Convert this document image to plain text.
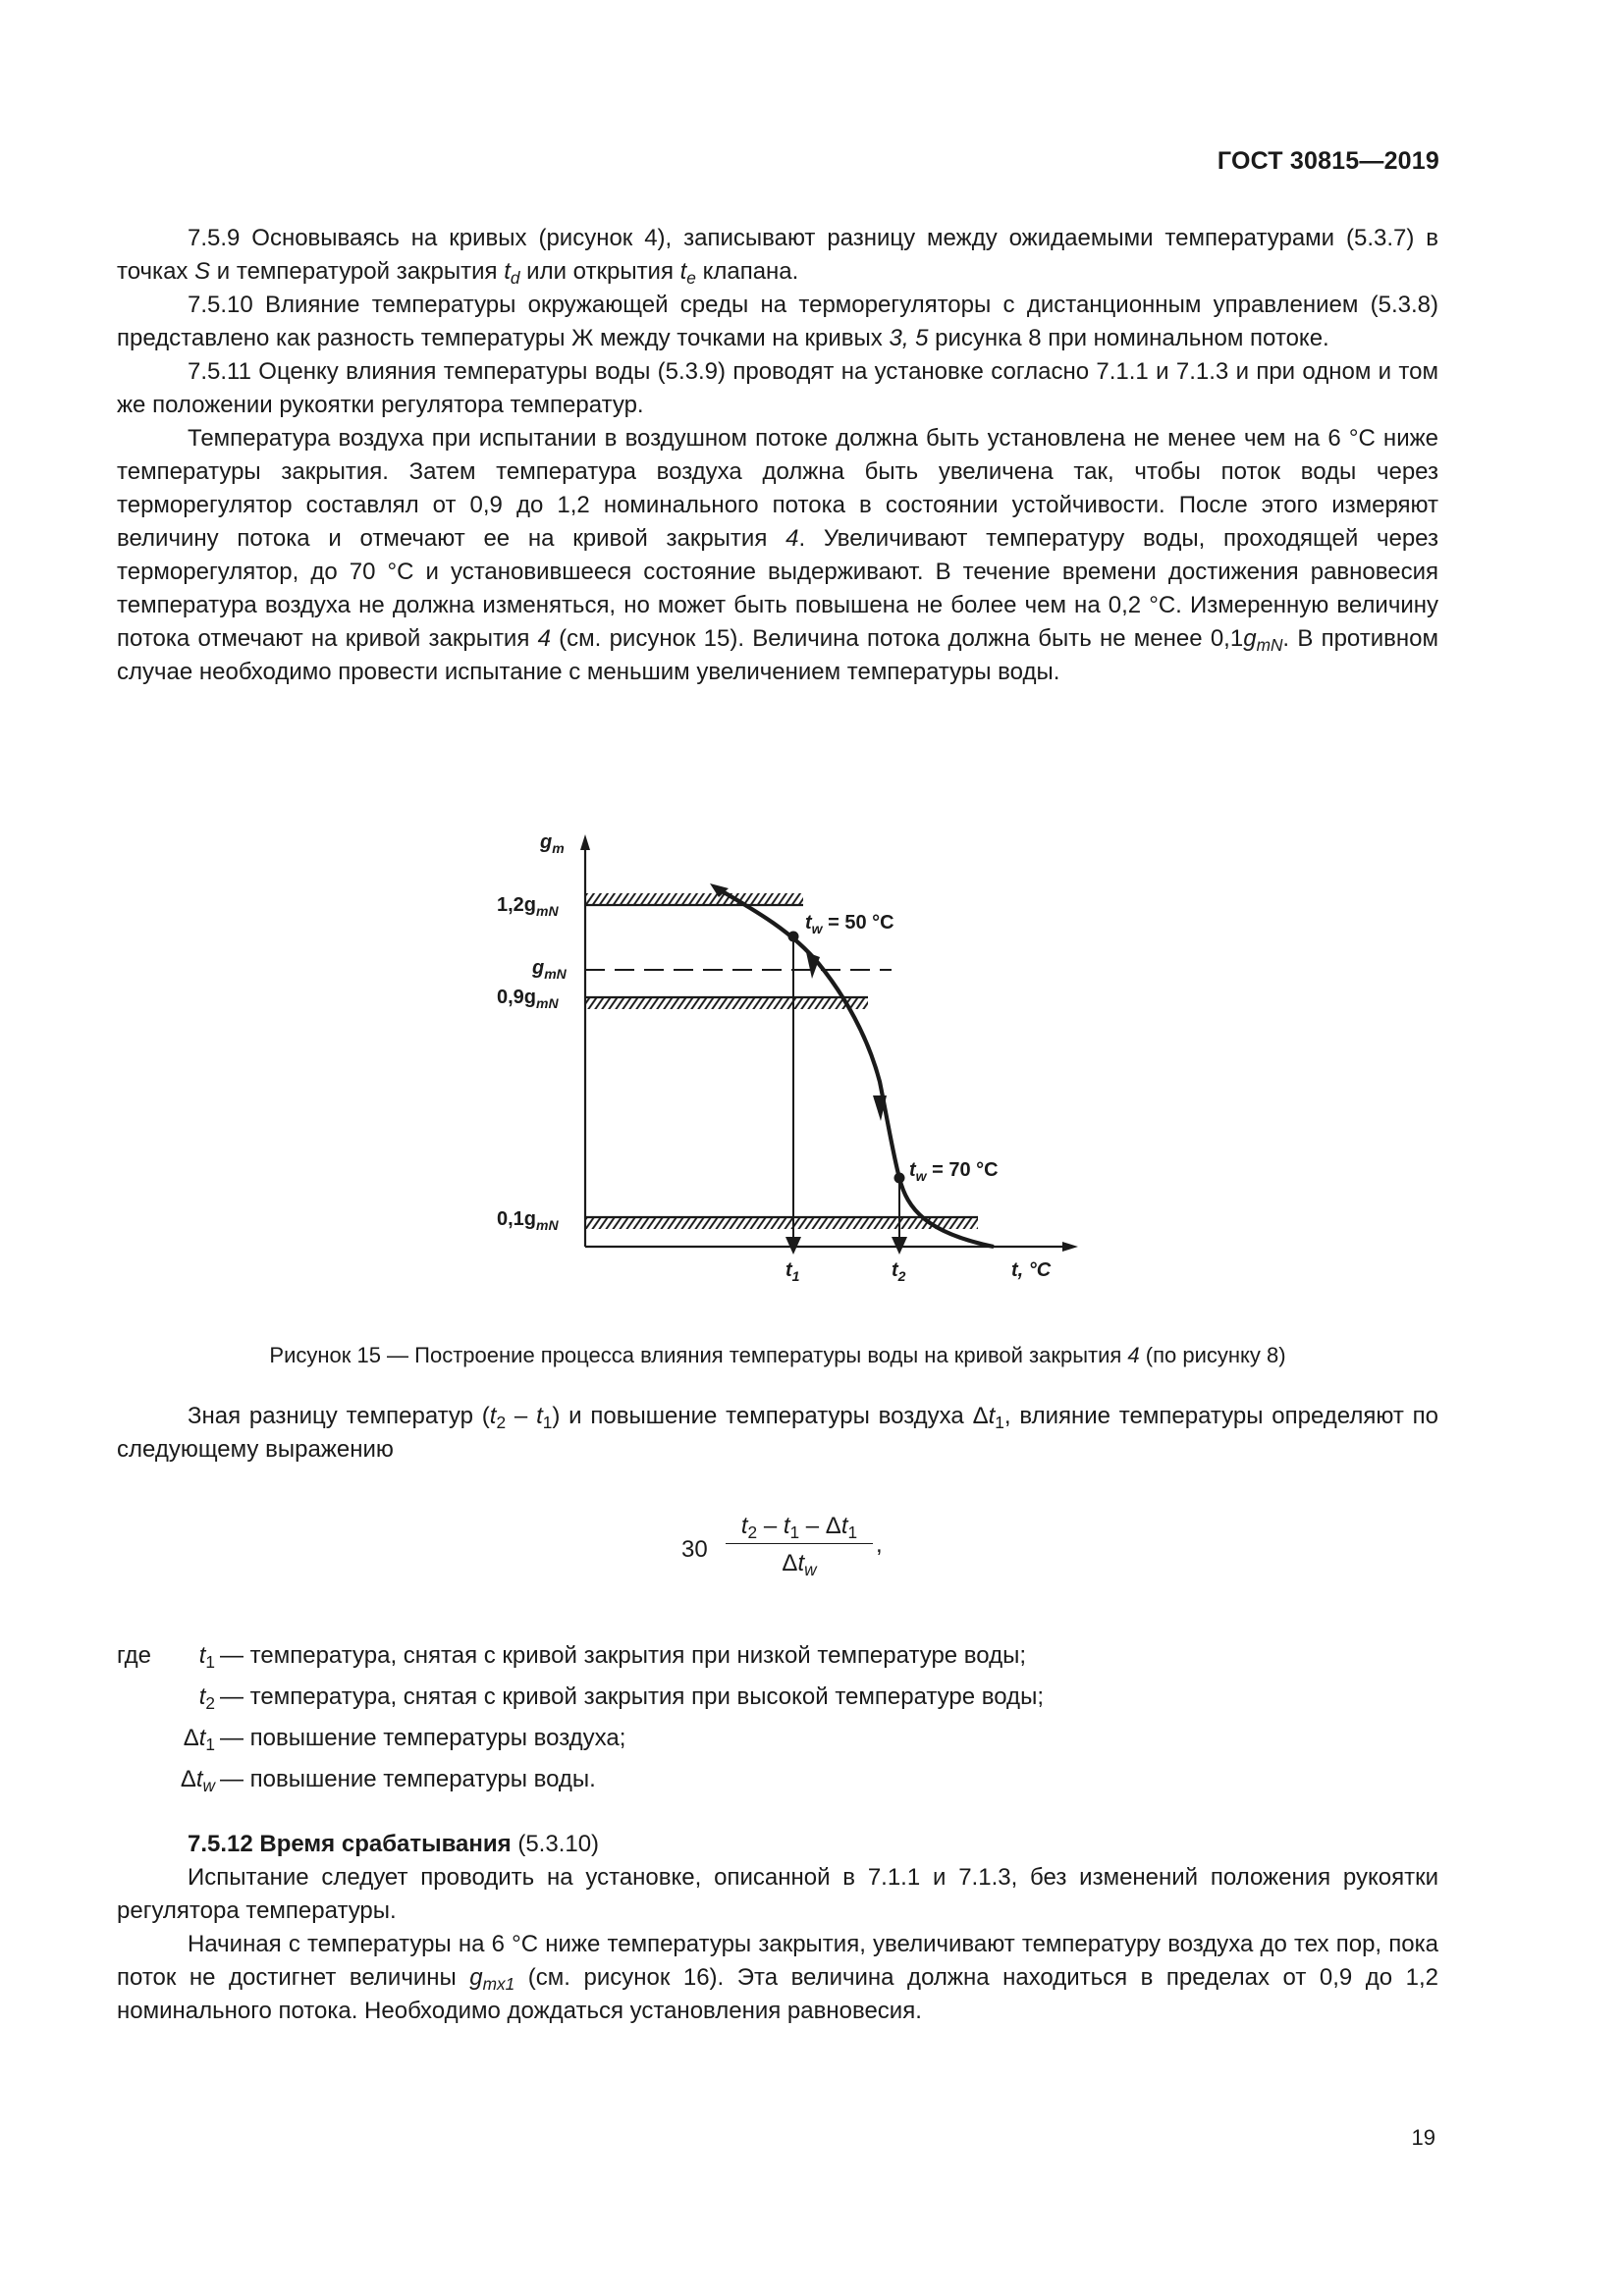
ГОСТ 30815—2019

7.5.9 Основываясь на кривых (рисунок 4), записывают разницу между ожидаемыми температурами (5.3.7) в точках S и температурой закрытия $t_d$ или открытия $t_e$ клапана.

7.5.10 Влияние температуры окружающей среды на терморегуляторы с дистанционным управлением (5.3.8) представлено как разность температуры Ж между точками на кривых 3, 5 рисунка 8 при номинальном потоке.

7.5.11 Оценку влияния температуры воды (5.3.9) проводят на установке согласно 7.1.1 и 7.1.3 и при одном и том же положении рукоятки регулятора температур.

Температура воздуха при испытании в воздушном потоке должна быть установлена не менее чем на 6 °C ниже температуры закрытия. Затем температура воздуха должна быть увеличена так, чтобы поток воды через терморегулятор составлял от 0,9 до 1,2 номинального потока в состоянии устойчивости. После этого измеряют величину потока и отмечают ее на кривой закрытия 4. Увеличивают температуру воды, проходящей через терморегулятор, до 70 °C и установившееся состояние выдерживают. В течение времени достижения равновесия температура воздуха не должна изменяться, но может быть повышена не более чем на 0,2 °C. Измеренную величину потока отмечают на кривой закрытия 4 (см. рисунок 15). Величина потока должна быть не менее $0,1g_{mN}$. В противном случае необходимо провести испытание с меньшим увеличением температуры воды.

$g_m$
$1,2g_{mN}$
$g_{mN}$
$0,9g_{mN}$
$0,1g_{mN}$
$t_w = 50$ °C
$t_w = 70$ °C
$t_1$	$t_2$	t, °C
Рисунок 15 — Построение процесса влияния температуры воды на кривой закрытия 4 (по рисунку 8)

Зная разницу температур $(t_2 - t_1)$ и повышение температуры воздуха $\Delta t_1$, влияние температуры определяют по следующему выражению

30
$t_2 - t_1 - \Delta t_1$
$\Delta t_w$
,
где	$t_1$ — температура, снятая с кривой закрытия при низкой температуре воды;
$t_2$ — температура, снятая с кривой закрытия при высокой температуре воды;
$\Delta t_1$ — повышение температуры воздуха;
$\Delta t_w$ — повышение температуры воды.

7.5.12 Время срабатывания (5.3.10)

Испытание следует проводить на установке, описанной в 7.1.1 и 7.1.3, без изменений положения рукоятки регулятора температуры.

Начиная с температуры на 6 °C ниже температуры закрытия, увеличивают температуру воздуха до тех пор, пока поток не достигнет величины $g_{mx1}$ (см. рисунок 16). Эта величина должна находиться в пределах от 0,9 до 1,2 номинального потока. Необходимо дождаться установления равновесия.

19
